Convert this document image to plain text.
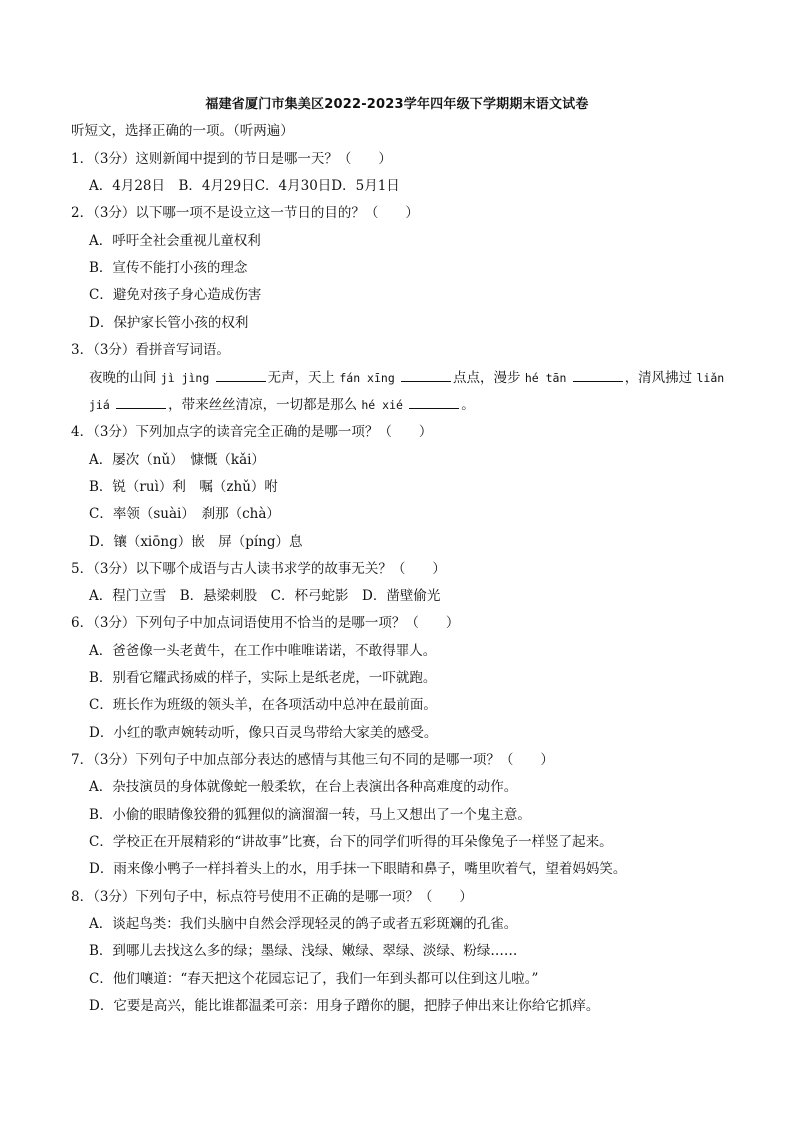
福建省厦门市集美区2022-2023学年四年级下学期期末语文试卷
听短文，选择正确的一项。（听两遍）
1．（3分）这则新闻中提到的节日是哪一天？（　　）
A．4月28日　B．4月29日C．4月30日D．5月1日
2．（3分）以下哪一项不是设立这一节日的目的？（　　）
A．呼吁全社会重视儿童权利
B．宣传不能打小孩的理念
C．避免对孩子身心造成伤害
D．保护家长管小孩的权利
3．（3分）看拼音写词语。
夜晚的山间 jì jìng	无声，天上 fán xīng	点点，漫步 hé tān	，清风拂过 liǎn
jiá	，带来丝丝清凉，一切都是那么 hé xié	。
4．（3分）下列加点字的读音完全正确的是哪一项？（　　）
A．屡次（nǔ）　慷慨（kǎi）
B．锐（ruì）利　嘱（zhǔ）咐
C．率领（suài）　刹那（chà）
D．镶（xiōng）嵌　屏（píng）息
5．（3分）以下哪个成语与古人读书求学的故事无关？（　　）
A．程门立雪　B．悬梁刺股　C．杯弓蛇影　D．凿壁偷光
6．（3分）下列句子中加点词语使用不恰当的是哪一项？（　　）
A．爸爸像一头老黄牛，在工作中唯唯诺诺，不敢得罪人。
B．别看它耀武扬威的样子，实际上是纸老虎，一吓就跑。
C．班长作为班级的领头羊，在各项活动中总冲在最前面。
D．小红的歌声婉转动听，像只百灵鸟带给大家美的感受。
7．（3分）下列句子中加点部分表达的感情与其他三句不同的是哪一项？（　　）
A．杂技演员的身体就像蛇一般柔软，在台上表演出各种高难度的动作。
B．小偷的眼睛像狡猾的狐狸似的滴溜溜一转，马上又想出了一个鬼主意。
C．学校正在开展精彩的“讲故事”比赛，台下的同学们听得的耳朵像兔子一样竖了起来。
D．雨来像小鸭子一样抖着头上的水，用手抹一下眼睛和鼻子，嘴里吹着气，望着妈妈笑。
8．（3分）下列句子中，标点符号使用不正确的是哪一项？（　　）
A．谈起鸟类：我们头脑中自然会浮现轻灵的鸽子或者五彩斑斓的孔雀。
B．到哪儿去找这么多的绿；墨绿、浅绿、嫩绿、翠绿、淡绿、粉绿……
C．他们嚷道：“春天把这个花园忘记了，我们一年到头都可以住到这儿啦。”
D．它要是高兴，能比谁都温柔可亲：用身子蹭你的腿，把脖子伸出来让你给它抓痒。
